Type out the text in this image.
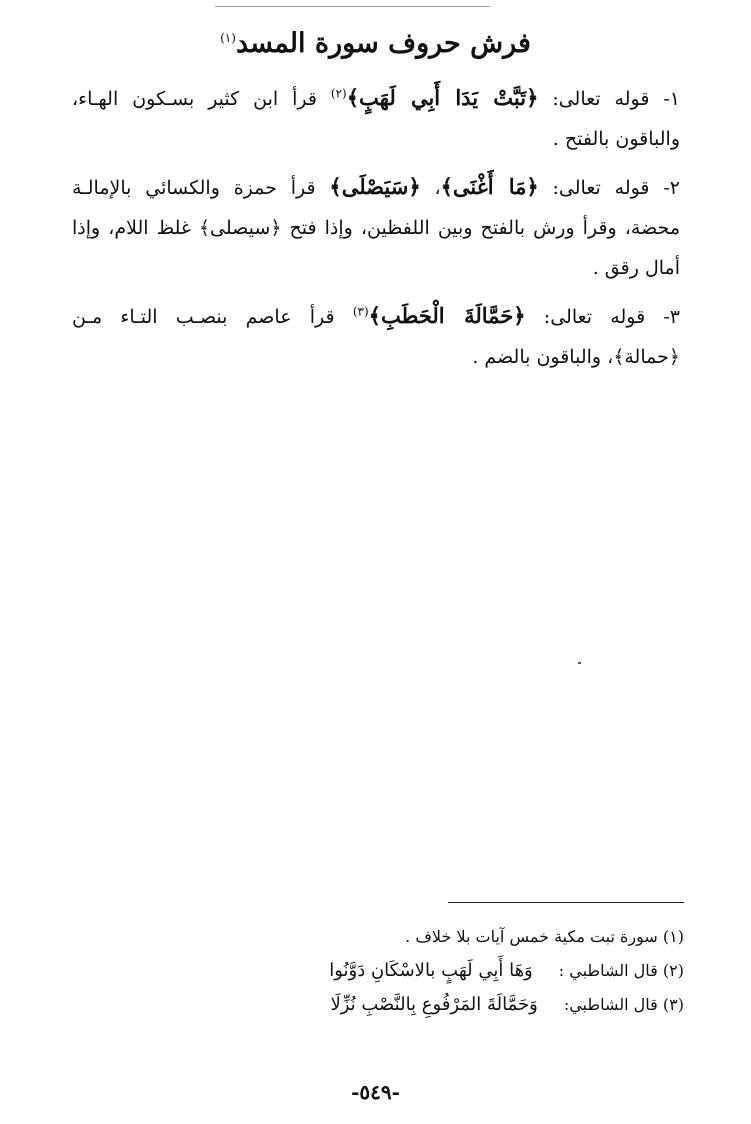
فرش حروف سورة المسد$^{(١)}$
١- قوله تعالى: ﴿تَبَّتْ يَدَا أَبِي لَهَبٍ﴾$^{(٢)}$ قرأ ابن كثير بسـكون الهـاء،
والباقون بالفتح .
٢- قوله تعالى: ﴿مَا أَغْنَى﴾، ﴿سَيَصْلَى﴾ قرأ حمزة والكسائي بالإمالـة
محضة، وقرأ ورش بالفتح وبين اللفظين، وإذا فتح ﴿سيصلى﴾ غلظ اللام، وإذا
أمال رقق .
٣- قوله تعالى: ﴿حَمَّالَةَ الْحَطَبِ﴾$^{(٣)}$ قرأ عاصم بنصـب التـاء مـن
﴿حمالة﴾، والباقون بالضم .
(١) سورة تبت مكية خمس آيات بلا خلاف .
(٢) قال الشاطبي :وَهَا أَبِي لَهَبٍ بالاسْكَانِ دَوَّنُوا
(٣) قال الشاطبي:وَحَمَّالَةَ المَرْفُوعِ بِالنَّصْبِ نُزِّلَا
-٥٤٩-
